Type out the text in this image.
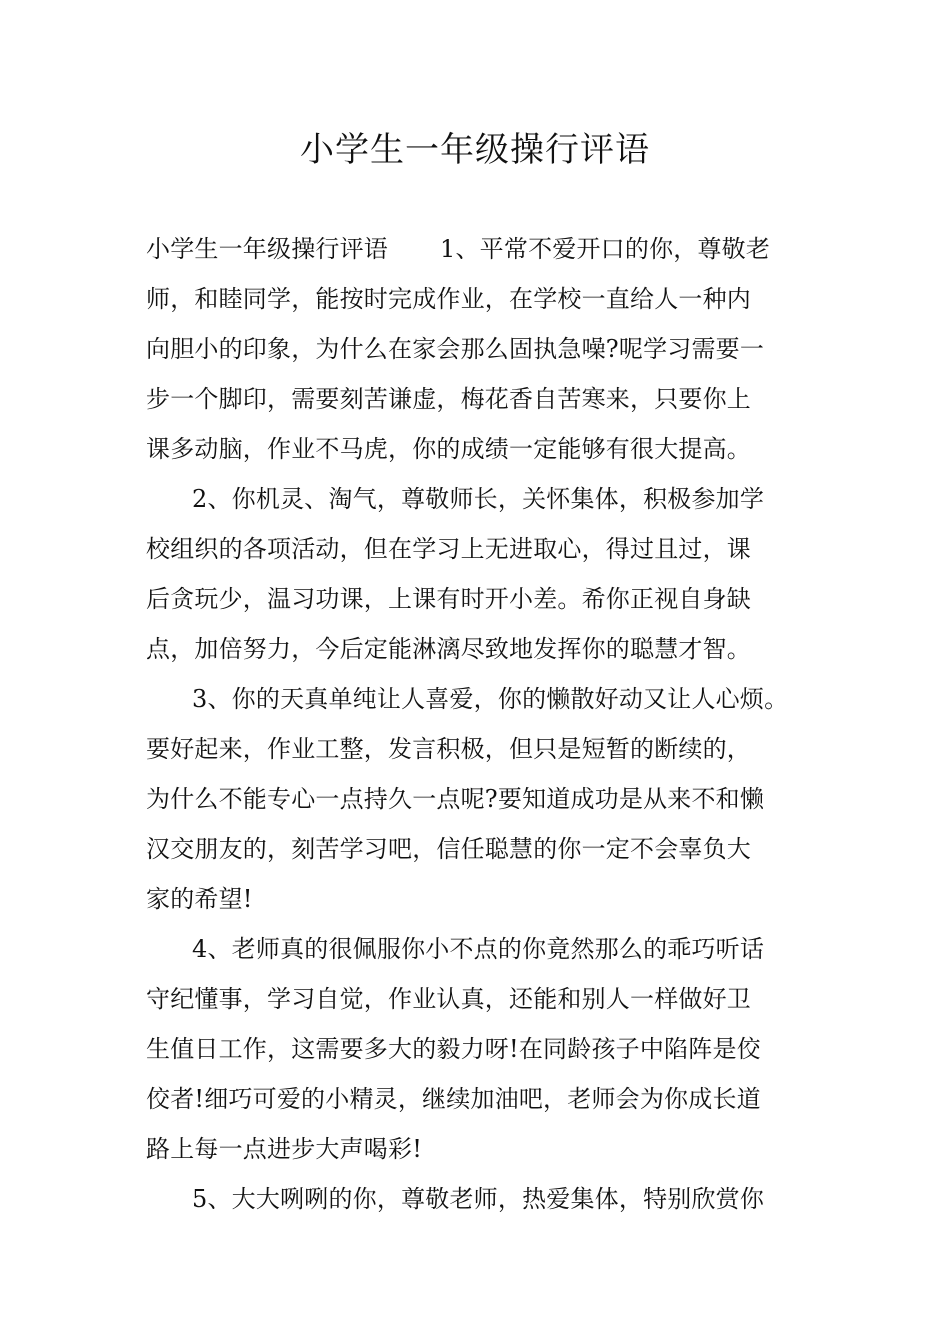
小学生一年级操行评语
小学生一年级操行评语 1、平常不爱开口的你，尊敬老
师，和睦同学，能按时完成作业，在学校一直给人一种内
向胆小的印象，为什么在家会那么固执急噪?呢学习需要一
步一个脚印，需要刻苦谦虚，梅花香自苦寒来，只要你上
课多动脑，作业不马虎，你的成绩一定能够有很大提高。
2、你机灵、淘气，尊敬师长，关怀集体，积极参加学
校组织的各项活动，但在学习上无进取心，得过且过，课
后贪玩少，温习功课，上课有时开小差。希你正视自身缺
点，加倍努力，今后定能淋漓尽致地发挥你的聪慧才智。
3、你的天真单纯让人喜爱，你的懒散好动又让人心烦。
要好起来，作业工整，发言积极，但只是短暂的断续的，
为什么不能专心一点持久一点呢?要知道成功是从来不和懒
汉交朋友的，刻苦学习吧，信任聪慧的你一定不会辜负大
家的希望!
4、老师真的很佩服你小不点的你竟然那么的乖巧听话
守纪懂事，学习自觉，作业认真，还能和别人一样做好卫
生值日工作，这需要多大的毅力呀!在同龄孩子中陷阵是佼
佼者!细巧可爱的小精灵，继续加油吧，老师会为你成长道
路上每一点进步大声喝彩!
5、大大咧咧的你，尊敬老师，热爱集体，特别欣赏你
